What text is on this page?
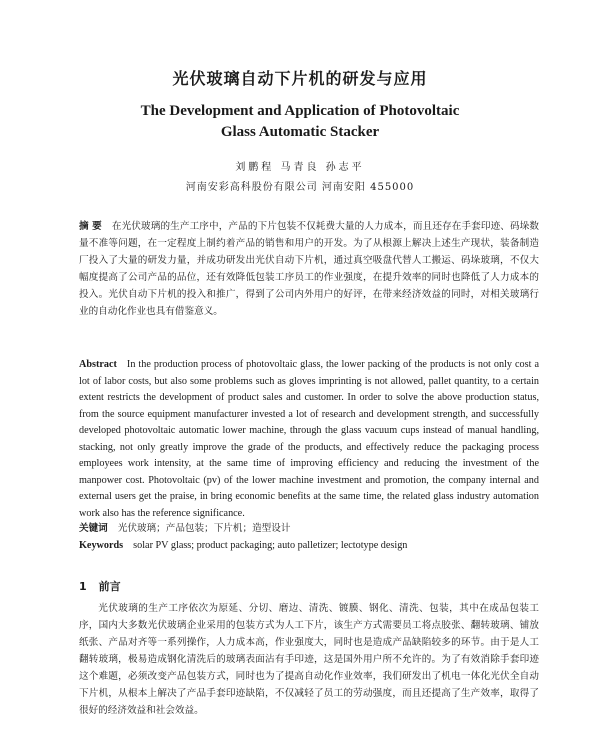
光伏玻璃自动下片机的研发与应用
The Development and Application of Photovoltaic
Glass Automatic Stacker
刘鹏程 马青良 孙志平
河南安彩高科股份有限公司 河南安阳 455000
摘 要 在光伏玻璃的生产工序中，产品的下片包装不仅耗费大量的人力成本，而且还存在手套印迹、码垛数量不准等问题，在一定程度上制约着产品的销售和用户的开发。为了从根源上解决上述生产现状，装备制造厂投入了大量的研发力量，并成功研发出光伏自动下片机，通过真空吸盘代替人工搬运、码垛玻璃，不仅大幅度提高了公司产品的品位，还有效降低包装工序员工的作业强度，在提升效率的同时也降低了人力成本的投入。光伏自动下片机的投入和推广，得到了公司内外用户的好评，在带来经济效益的同时，对相关玻璃行业的自动化作业也具有借鉴意义。
Abstract In the production process of photovoltaic glass, the lower packing of the products is not only cost a lot of labor costs, but also some problems such as gloves imprinting is not allowed, pallet quantity, to a certain extent restricts the development of product sales and customer. In order to solve the above production status, from the source equipment manufacturer invested a lot of research and development strength, and successfully developed photovoltaic automatic lower machine, through the glass vacuum cups instead of manual handling, stacking, not only greatly improve the grade of the products, and effectively reduce the packaging process employees work intensity, at the same time of improving efficiency and reducing the investment of the manpower cost. Photovoltaic (pv) of the lower machine investment and promotion, the company internal and external users get the praise, in bring economic benefits at the same time, the related glass industry automation work also has the reference significance.
关键词 光伏玻璃；产品包装；下片机；造型设计
Keywords solar PV glass; product packaging; auto palletizer; lectotype design
1 前言
光伏玻璃的生产工序依次为原延、分切、磨边、清洗、镀膜、钢化、清洗、包装，其中在成品包装工序，国内大多数光伏玻璃企业采用的包装方式为人工下片，该生产方式需要员工将点胶张、翻转玻璃、铺放纸张、产品对齐等一系列操作，人力成本高，作业强度大，同时也是造成产品缺陷较多的环节。由于是人工翻转玻璃，极易造成钢化清洗后的玻璃表面沾有手印迹，这是国外用户所不允许的。为了有效消除手套印迹这个难题，必须改变产品包装方式，同时也为了提高自动化作业效率，我们研发出了机电一体化光伏全自动下片机，从根本上解决了产品手套印迹缺陷，不仅减轻了员工的劳动强度，而且还提高了生产效率，取得了很好的经济效益和社会效益。
